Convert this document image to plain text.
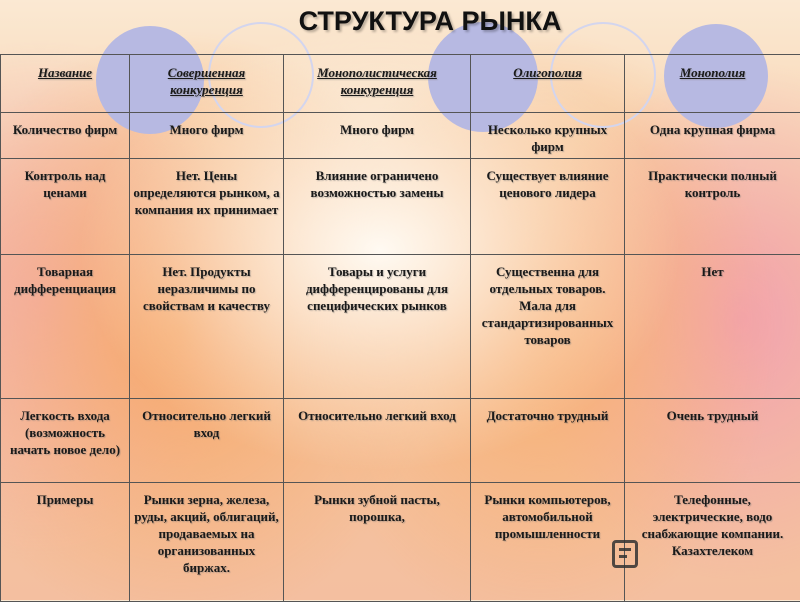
СТРУКТУРА РЫНКА
Название	Совершенная конкуренция	Монополистическая конкуренция	Олигополия	Монополия
Количество фирм	Много фирм	Много фирм	Несколько крупных фирм	Одна крупная фирма
Контроль над ценами	Нет. Цены определяются рынком, а компания их принимает	Влияние ограничено возможностью замены	Существует влияние ценового лидера	Практически полный контроль
Товарная дифференциация	Нет. Продукты неразличимы по свойствам и качеству	Товары и услуги дифференцированы для специфических рынков	Существенна для отдельных товаров. Мала для стандартизированных товаров	Нет
Легкость входа (возможность начать новое дело)	Относительно легкий вход	Относительно легкий вход	Достаточно трудный	Очень трудный
Примеры	Рынки зерна, железа, руды, акций, облигаций, продаваемых на организованных биржах.	Рынки зубной пасты, порошка,	Рынки компьютеров, автомобильной промышленности	Телефонные, электрические, водо снабжающие компании. Казахтелеком
